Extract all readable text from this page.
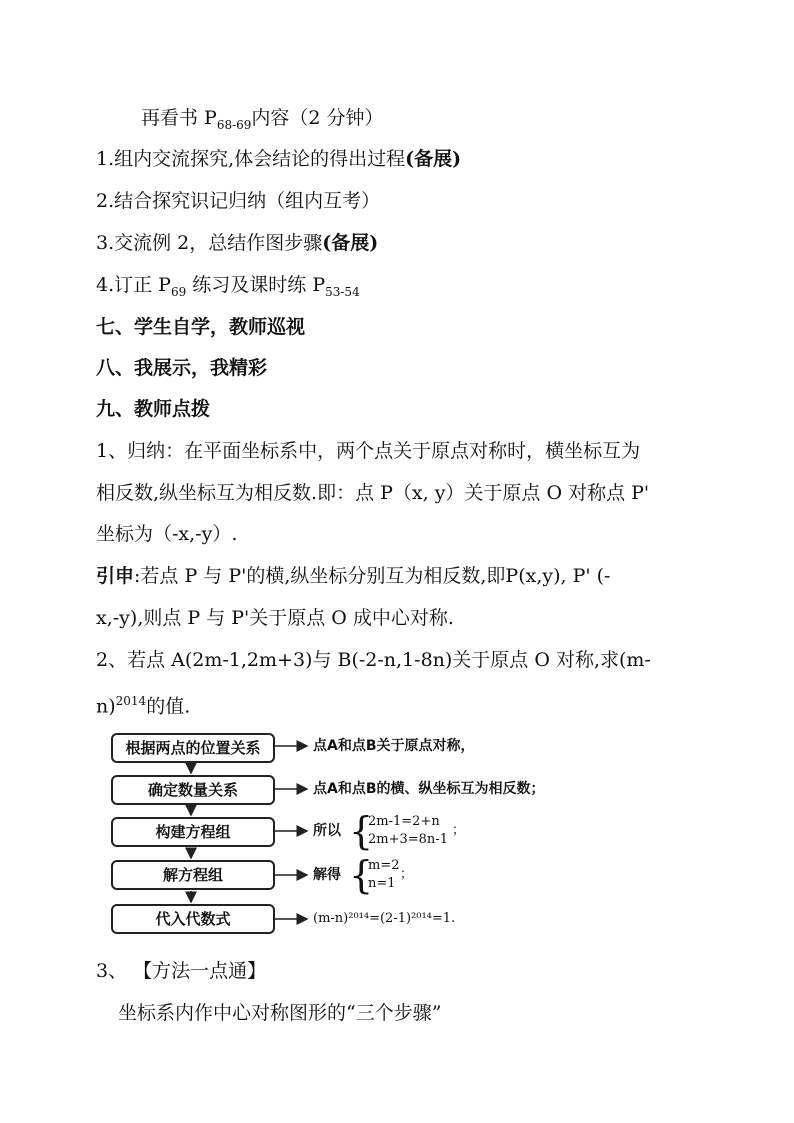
再看书 $P_{68-69}$内容（2 分钟）
1.组内交流探究,体会结论的得出过程(备展)
2.结合探究识记归纳（组内互考）
3.交流例 2，总结作图步骤(备展)
4.订正 $P_{69}$ 练习及课时练 $P_{53-54}$
七、学生自学，教师巡视
八、我展示，我精彩
九、教师点拨
1、归纳：在平面坐标系中，两个点关于原点对称时，横坐标互为
相反数,纵坐标互为相反数.即：点 P（x, y）关于原点 O 对称点 P'
坐标为（-x,-y）.
引申:若点 P 与 P'的横,纵坐标分别互为相反数,即P(x,y), P' (-
x,-y),则点 P 与 P'关于原点 O 成中心对称.
2、若点 A(2m-1,2m+3)与 B(-2-n,1-8n)关于原点 O 对称,求(m-
n)$^{2014}$的值.
根据两点的位置关系
确定数量关系
构建方程组
解方程组
代入代数式
点A和点B关于原点对称，
点A和点B的横、纵坐标互为相反数；
所以 {
2m-1=2+n
2m+3=8n-1
；
解得 {
m=2
n=1
；
(m-n)²⁰¹⁴=(2-1)²⁰¹⁴=1.
3、 【方法一点通】
坐标系内作中心对称图形的“三个步骤”
